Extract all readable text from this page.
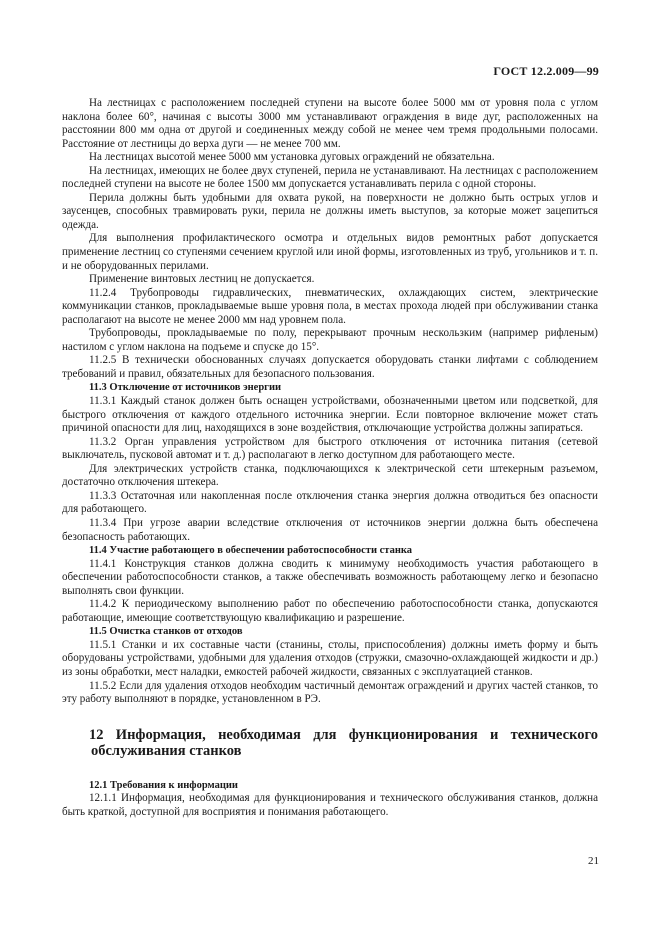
ГОСТ 12.2.009—99

На лестницах с расположением последней ступени на высоте более 5000 мм от уровня пола с углом наклона более 60°, начиная с высоты 3000 мм устанавливают ограждения в виде дуг, расположенных на расстоянии 800 мм одна от другой и соединенных между собой не менее чем тремя продольными полосами. Расстояние от лестницы до верха дуги — не менее 700 мм.

На лестницах высотой менее 5000 мм установка дуговых ограждений не обязательна.

На лестницах, имеющих не более двух ступеней, перила не устанавливают. На лестницах с расположением последней ступени на высоте не более 1500 мм допускается устанавливать перила с одной стороны.

Перила должны быть удобными для охвата рукой, на поверхности не должно быть острых углов и заусенцев, способных травмировать руки, перила не должны иметь выступов, за которые может зацепиться одежда.

Для выполнения профилактического осмотра и отдельных видов ремонтных работ допускается применение лестниц со ступенями сечением круглой или иной формы, изготовленных из труб, угольников и т. п. и не оборудованных перилами.

Применение винтовых лестниц не допускается.

11.2.4 Трубопроводы гидравлических, пневматических, охлаждающих систем, электрические коммуникации станков, прокладываемые выше уровня пола, в местах прохода людей при обслуживании станка располагают на высоте не менее 2000 мм над уровнем пола.

Трубопроводы, прокладываемые по полу, перекрывают прочным нескользким (например рифленым) настилом с углом наклона на подъеме и спуске до 15°.

11.2.5 В технически обоснованных случаях допускается оборудовать станки лифтами с соблюдением требований и правил, обязательных для безопасного пользования.

11.3 Отключение от источников энергии

11.3.1 Каждый станок должен быть оснащен устройствами, обозначенными цветом или подсветкой, для быстрого отключения от каждого отдельного источника энергии. Если повторное включение может стать причиной опасности для лиц, находящихся в зоне воздействия, отключающие устройства должны запираться.

11.3.2 Орган управления устройством для быстрого отключения от источника питания (сетевой выключатель, пусковой автомат и т. д.) располагают в легко доступном для работающего месте.

Для электрических устройств станка, подключающихся к электрической сети штекерным разъемом, достаточно отключения штекера.

11.3.3 Остаточная или накопленная после отключения станка энергия должна отводиться без опасности для работающего.

11.3.4 При угрозе аварии вследствие отключения от источников энергии должна быть обеспечена безопасность работающих.

11.4 Участие работающего в обеспечении работоспособности станка

11.4.1 Конструкция станков должна сводить к минимуму необходимость участия работающего в обеспечении работоспособности станков, а также обеспечивать возможность работающему легко и безопасно выполнять свои функции.

11.4.2 К периодическому выполнению работ по обеспечению работоспособности станка, допускаются работающие, имеющие соответствующую квалификацию и разрешение.

11.5 Очистка станков от отходов

11.5.1 Станки и их составные части (станины, столы, приспособления) должны иметь форму и быть оборудованы устройствами, удобными для удаления отходов (стружки, смазочно-охлаждающей жидкости и др.) из зоны обработки, мест наладки, емкостей рабочей жидкости, связанных с эксплуатацией станков.

11.5.2 Если для удаления отходов необходим частичный демонтаж ограждений и других частей станков, то эту работу выполняют в порядке, установленном в РЭ.

12 Информация, необходимая для функционирования и технического
обслуживания станков

12.1 Требования к информации

12.1.1 Информация, необходимая для функционирования и технического обслуживания станков, должна быть краткой, доступной для восприятия и понимания работающего.

21
